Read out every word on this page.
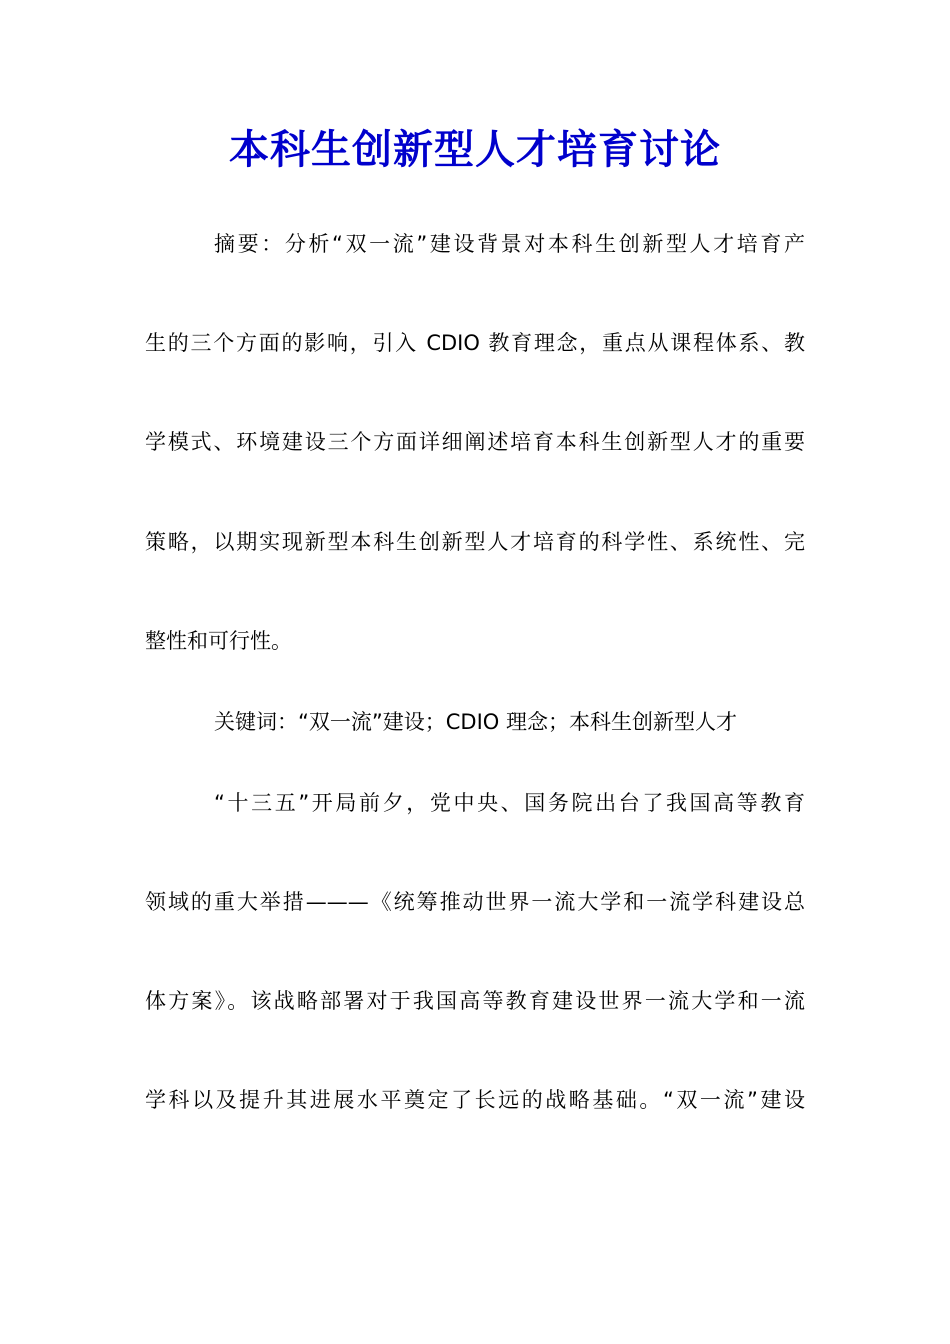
本科生创新型人才培育讨论
摘要：分析“双一流”建设背景对本科生创新型人才培育产
生的三个方面的影响，引入 CDIO 教育理念，重点从课程体系、教
学模式、环境建设三个方面详细阐述培育本科生创新型人才的重要
策略，以期实现新型本科生创新型人才培育的科学性、系统性、完
整性和可行性。
关键词：“双一流”建设；CDIO 理念；本科生创新型人才
“十三五”开局前夕，党中央、国务院出台了我国高等教育
领域的重大举措———《统筹推动世界一流大学和一流学科建设总
体方案》。该战略部署对于我国高等教育建设世界一流大学和一流
学科以及提升其进展水平奠定了长远的战略基础。“双一流”建设
